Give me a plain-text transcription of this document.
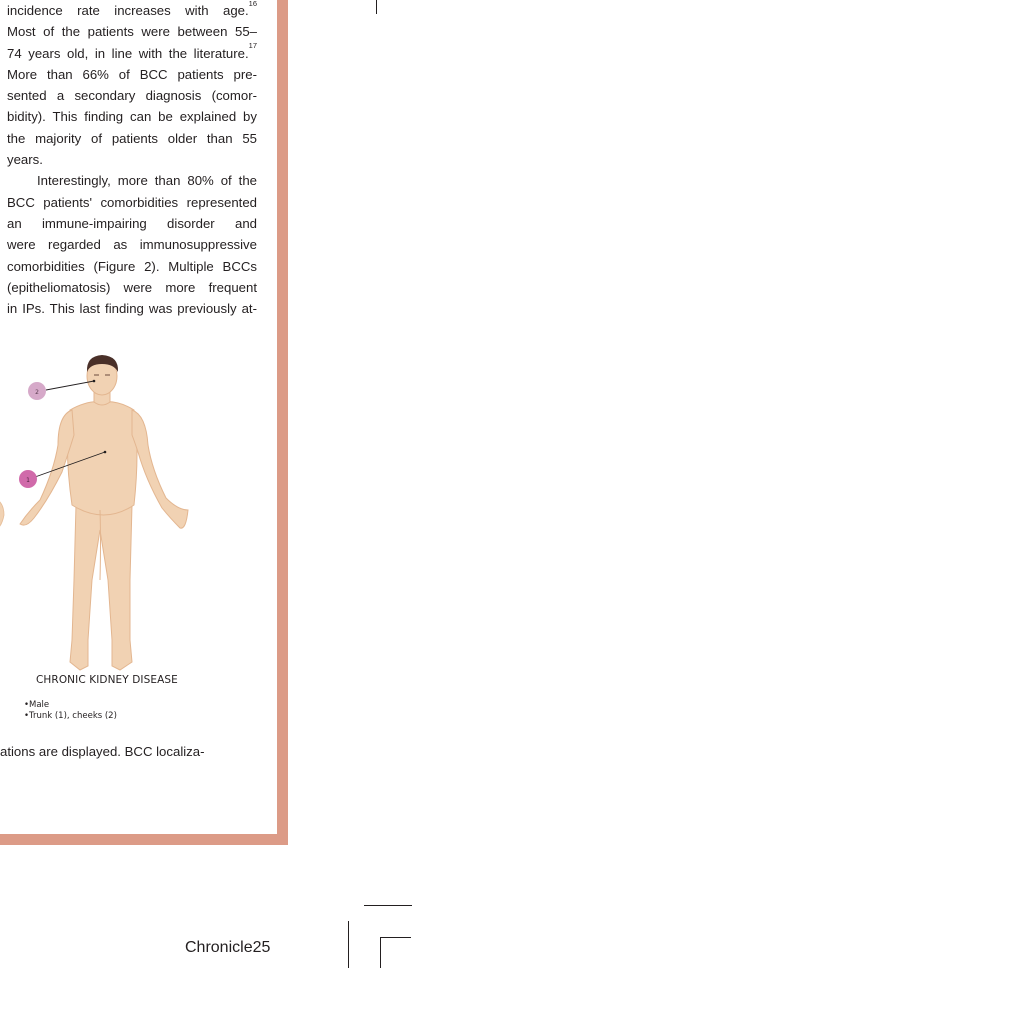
incidence rate increases with age.$^{16}$
Most of the patients were between 55–
74 years old, in line with the literature.$^{17}$
More than 66% of BCC patients pre-
sented a secondary diagnosis (comor-
bidity). This finding can be explained by
the majority of patients older than 55
years.
Interestingly, more than 80% of the
BCC patients' comorbidities represented
an immune-impairing disorder and
were regarded as immunosuppressive
comorbidities (Figure 2). Multiple BCCs
(epitheliomatosis) were more frequent
in IPs. This last finding was previously at-
2
1
CHRONIC KIDNEY DISEASE
•Male
•Trunk (1), cheeks (2)
ations are displayed. BCC localiza-
Chronicle25
